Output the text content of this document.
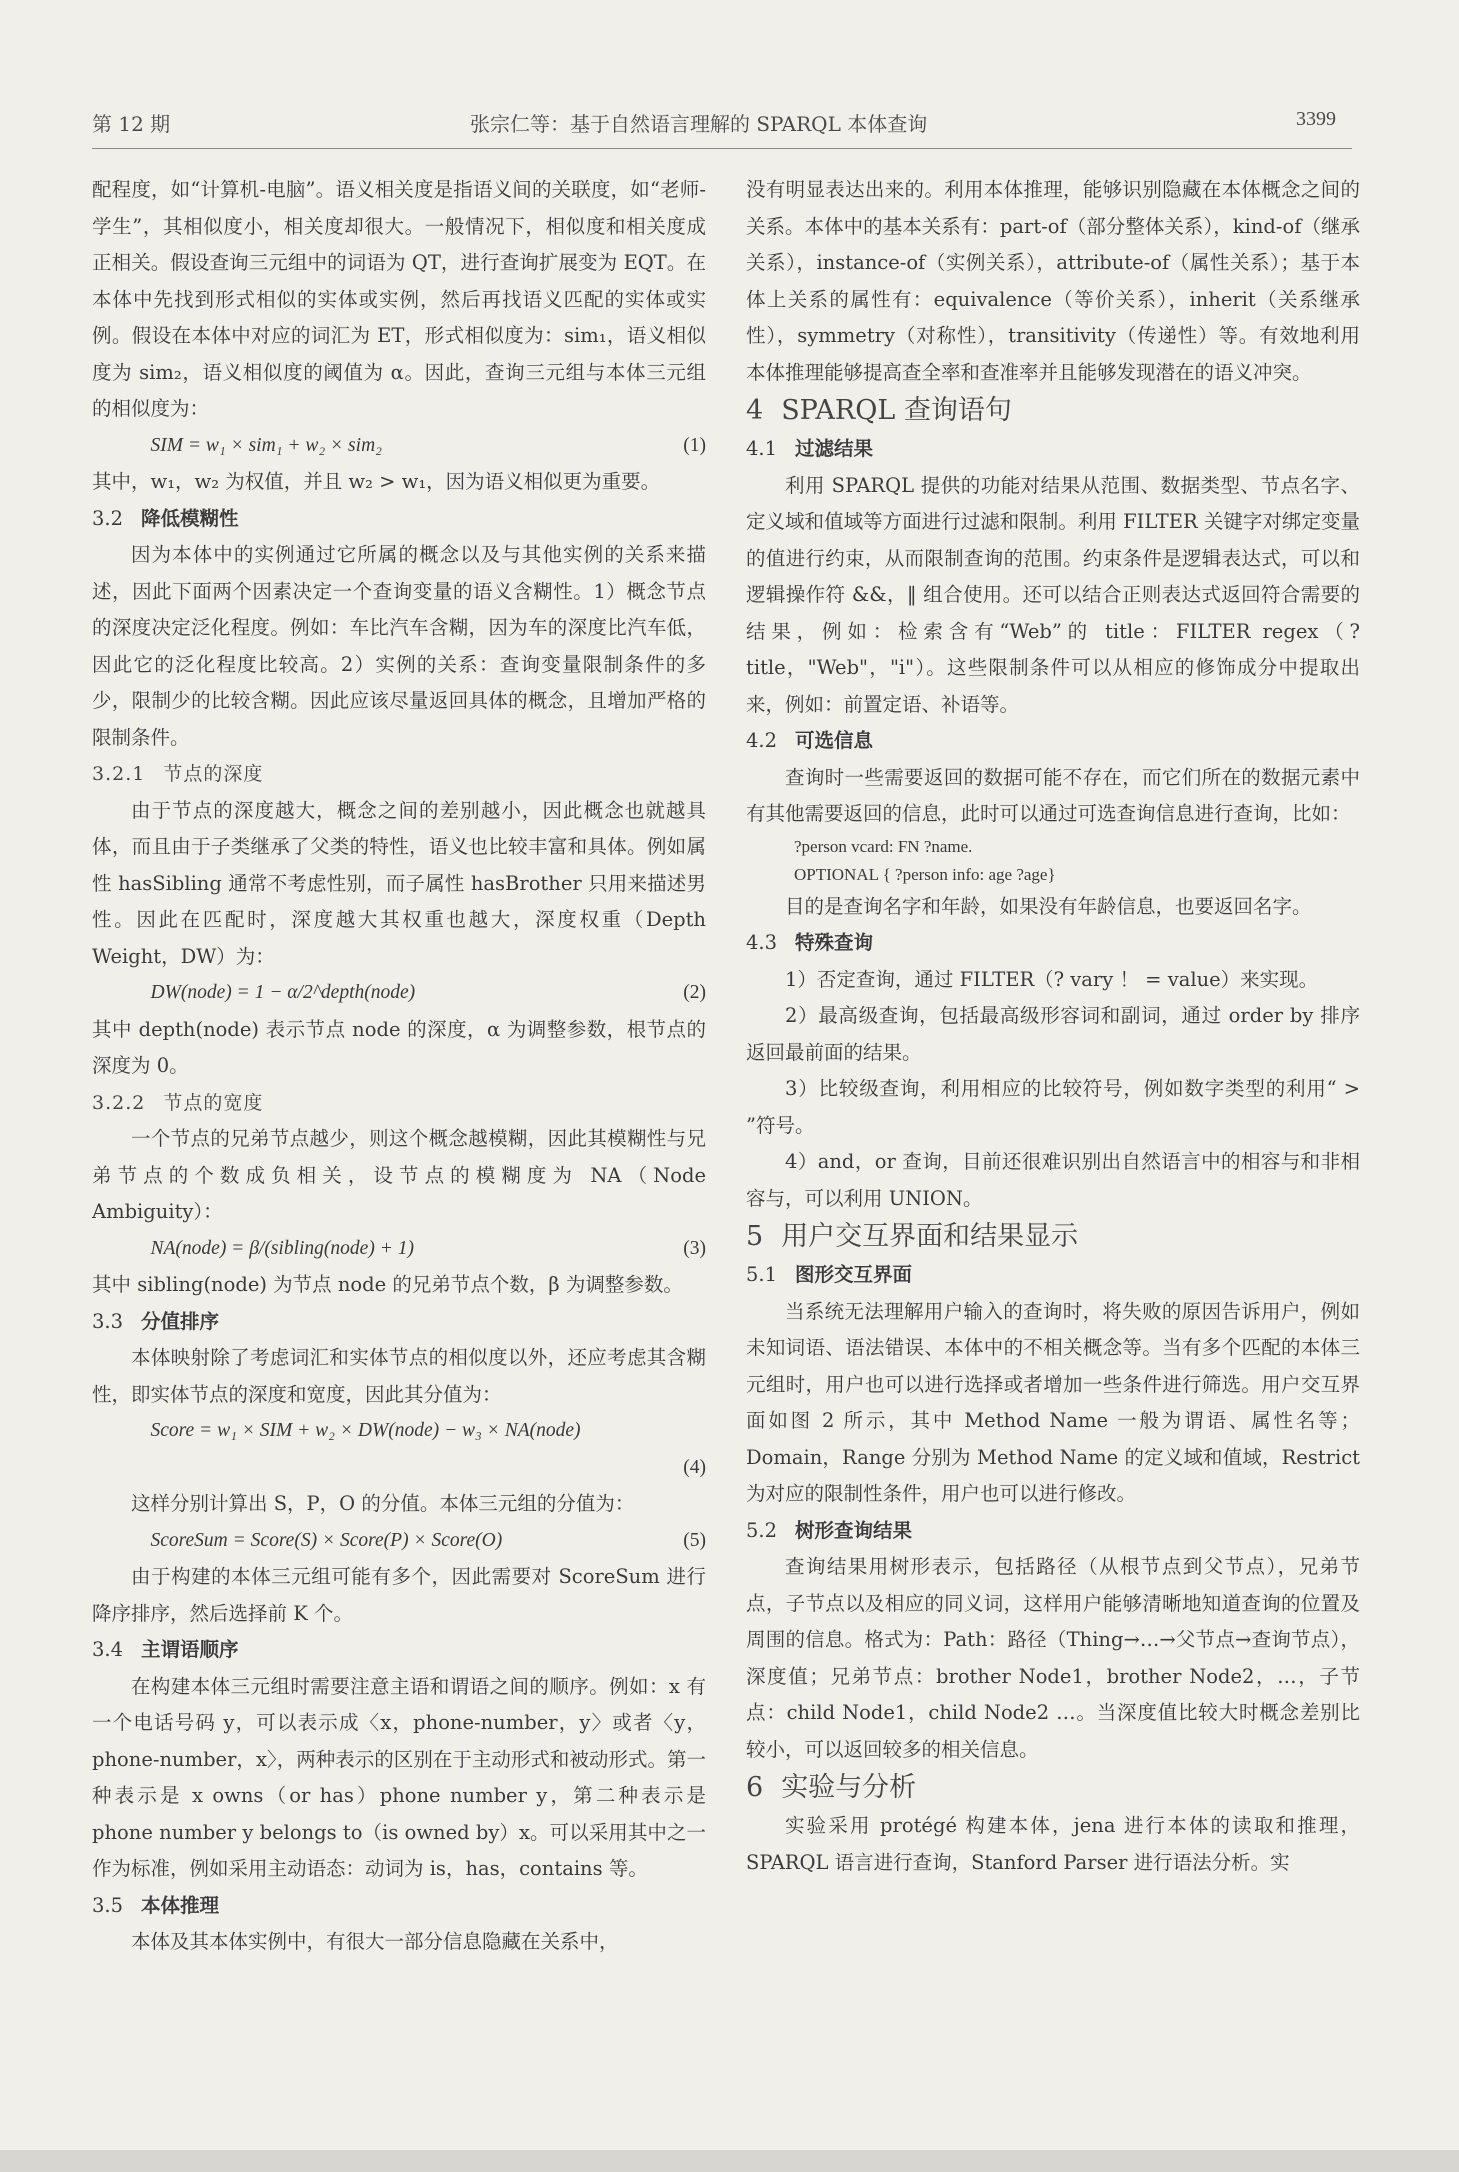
第 12 期	张宗仁等：基于自然语言理解的 SPARQL 本体查询	3399

配程度，如“计算机-电脑”。语义相关度是指语义间的关联度，如“老师-学生”，其相似度小，相关度却很大。一般情况下，相似度和相关度成正相关。假设查询三元组中的词语为 QT，进行查询扩展变为 EQT。在本体中先找到形式相似的实体或实例，然后再找语义匹配的实体或实例。假设在本体中对应的词汇为 ET，形式相似度为：sim₁，语义相似度为 sim₂，语义相似度的阈值为 α。因此，查询三元组与本体三元组的相似度为：

SIM = w₁ × sim₁ + w₂ × sim₂	(1)

其中，w₁，w₂ 为权值，并且 w₂ > w₁，因为语义相似更为重要。

3.2 降低模糊性

因为本体中的实例通过它所属的概念以及与其他实例的关系来描述，因此下面两个因素决定一个查询变量的语义含糊性。1）概念节点的深度决定泛化程度。例如：车比汽车含糊，因为车的深度比汽车低，因此它的泛化程度比较高。2）实例的关系：查询变量限制条件的多少，限制少的比较含糊。因此应该尽量返回具体的概念，且增加严格的限制条件。

3.2.1 节点的深度

由于节点的深度越大，概念之间的差别越小，因此概念也就越具体，而且由于子类继承了父类的特性，语义也比较丰富和具体。例如属性 hasSibling 通常不考虑性别，而子属性 hasBrother 只用来描述男性。因此在匹配时，深度越大其权重也越大，深度权重（Depth Weight，DW）为：

DW(node) = 1 − α/2^depth(node)	(2)

其中 depth(node) 表示节点 node 的深度，α 为调整参数，根节点的深度为 0。

3.2.2 节点的宽度

一个节点的兄弟节点越少，则这个概念越模糊，因此其模糊性与兄弟节点的个数成负相关，设节点的模糊度为 NA（Node Ambiguity）：

NA(node) = β/(sibling(node) + 1)	(3)

其中 sibling(node) 为节点 node 的兄弟节点个数，β 为调整参数。

3.3 分值排序

本体映射除了考虑词汇和实体节点的相似度以外，还应考虑其含糊性，即实体节点的深度和宽度，因此其分值为：

Score = w₁ × SIM + w₂ × DW(node) − w₃ × NA(node)
(4)

这样分别计算出 S，P，O 的分值。本体三元组的分值为：

ScoreSum = Score(S) × Score(P) × Score(O)	(5)

由于构建的本体三元组可能有多个，因此需要对 ScoreSum 进行降序排序，然后选择前 K 个。

3.4 主谓语顺序

在构建本体三元组时需要注意主语和谓语之间的顺序。例如：x 有一个电话号码 y，可以表示成〈x，phone-number，y〉或者〈y，phone-number，x〉，两种表示的区别在于主动形式和被动形式。第一种表示是 x owns（or has）phone number y，第二种表示是 phone number y belongs to（is owned by）x。可以采用其中之一作为标准，例如采用主动语态：动词为 is，has，contains 等。

3.5 本体推理

本体及其本体实例中，有很大一部分信息隐藏在关系中，

没有明显表达出来的。利用本体推理，能够识别隐藏在本体概念之间的关系。本体中的基本关系有：part-of（部分整体关系），kind-of（继承关系），instance-of（实例关系），attribute-of（属性关系）；基于本体上关系的属性有：equivalence（等价关系），inherit（关系继承性），symmetry（对称性），transitivity（传递性）等。有效地利用本体推理能够提高查全率和查准率并且能够发现潜在的语义冲突。

4 SPARQL 查询语句

4.1 过滤结果

利用 SPARQL 提供的功能对结果从范围、数据类型、节点名字、定义域和值域等方面进行过滤和限制。利用 FILTER 关键字对绑定变量的值进行约束，从而限制查询的范围。约束条件是逻辑表达式，可以和逻辑操作符 &&，‖ 组合使用。还可以结合正则表达式返回符合需要的结果，例如：检索含有“Web”的 title：FILTER regex（? title，"Web"，"i"）。这些限制条件可以从相应的修饰成分中提取出来，例如：前置定语、补语等。

4.2 可选信息

查询时一些需要返回的数据可能不存在，而它们所在的数据元素中有其他需要返回的信息，此时可以通过可选查询信息进行查询，比如：

?person vcard: FN ?name.
OPTIONAL { ?person info: age ?age}

目的是查询名字和年龄，如果没有年龄信息，也要返回名字。

4.3 特殊查询

1）否定查询，通过 FILTER（? vary ！ = value）来实现。

2）最高级查询，包括最高级形容词和副词，通过 order by 排序返回最前面的结果。

3）比较级查询，利用相应的比较符号，例如数字类型的利用“ > ”符号。

4）and，or 查询，目前还很难识别出自然语言中的相容与和非相容与，可以利用 UNION。

5 用户交互界面和结果显示

5.1 图形交互界面

当系统无法理解用户输入的查询时，将失败的原因告诉用户，例如未知词语、语法错误、本体中的不相关概念等。当有多个匹配的本体三元组时，用户也可以进行选择或者增加一些条件进行筛选。用户交互界面如图 2 所示，其中 Method Name 一般为谓语、属性名等；Domain，Range 分别为 Method Name 的定义域和值域，Restrict 为对应的限制性条件，用户也可以进行修改。

5.2 树形查询结果

查询结果用树形表示，包括路径（从根节点到父节点），兄弟节点，子节点以及相应的同义词，这样用户能够清晰地知道查询的位置及周围的信息。格式为：Path：路径（Thing→…→父节点→查询节点），深度值；兄弟节点：brother Node1，brother Node2，…，子节点：child Node1，child Node2 …。当深度值比较大时概念差别比较小，可以返回较多的相关信息。

6 实验与分析

实验采用 protégé 构建本体，jena 进行本体的读取和推理，SPARQL 语言进行查询，Stanford Parser 进行语法分析。实
